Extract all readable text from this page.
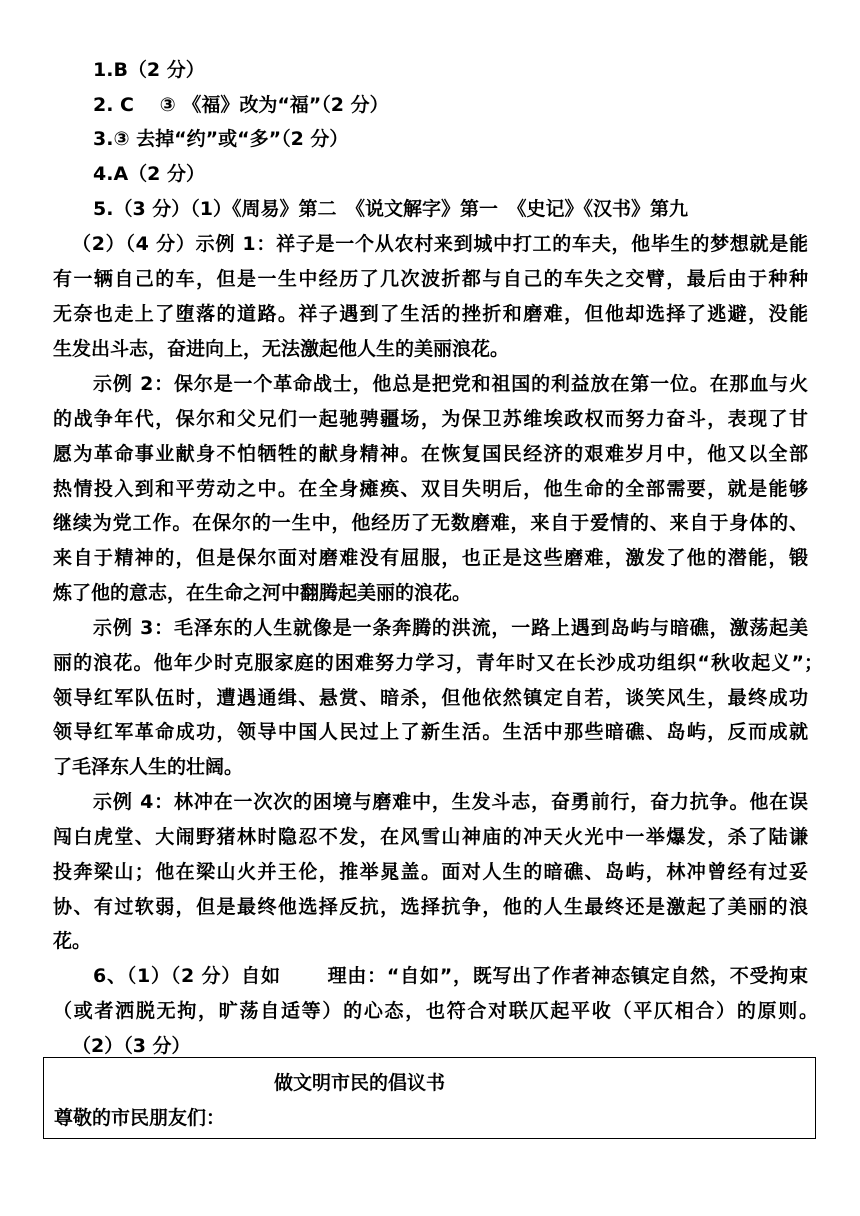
1.B（2 分）
2. C　 ③ 《福》改为“福”（2 分）
3.③ 去掉“约”或“多”（2 分）
4.A（2 分）
5.（3 分）（1）《周易》第二　《说文解字》第一　《史记》《汉书》第九
（2）（4 分）示例 1：祥子是一个从农村来到城中打工的车夫，他毕生的梦想就是能
有一辆自己的车，但是一生中经历了几次波折都与自己的车失之交臂，最后由于种种
无奈也走上了堕落的道路。祥子遇到了生活的挫折和磨难，但他却选择了逃避，没能
生发出斗志，奋进向上，无法激起他人生的美丽浪花。
示例 2：保尔是一个革命战士，他总是把党和祖国的利益放在第一位。在那血与火
的战争年代，保尔和父兄们一起驰骋疆场，为保卫苏维埃政权而努力奋斗，表现了甘
愿为革命事业献身不怕牺牲的献身精神。在恢复国民经济的艰难岁月中，他又以全部
热情投入到和平劳动之中。在全身瘫痪、双目失明后，他生命的全部需要，就是能够
继续为党工作。在保尔的一生中，他经历了无数磨难，来自于爱情的、来自于身体的、
来自于精神的，但是保尔面对磨难没有屈服，也正是这些磨难，激发了他的潜能，锻
炼了他的意志，在生命之河中翻腾起美丽的浪花。
示例 3：毛泽东的人生就像是一条奔腾的洪流，一路上遇到岛屿与暗礁，激荡起美
丽的浪花。他年少时克服家庭的困难努力学习，青年时又在长沙成功组织“秋收起义”；
领导红军队伍时，遭遇通缉、悬赏、暗杀，但他依然镇定自若，谈笑风生，最终成功
领导红军革命成功，领导中国人民过上了新生活。生活中那些暗礁、岛屿，反而成就
了毛泽东人生的壮阔。
示例 4：林冲在一次次的困境与磨难中，生发斗志，奋勇前行，奋力抗争。他在误
闯白虎堂、大闹野猪林时隐忍不发，在风雪山神庙的冲天火光中一举爆发，杀了陆谦
投奔梁山；他在梁山火并王伦，推举晁盖。面对人生的暗礁、岛屿，林冲曾经有过妥
协、有过软弱，但是最终他选择反抗，选择抗争，他的人生最终还是激起了美丽的浪
花。
6、（1）（2 分）自如　　 理由：“自如”，既写出了作者神态镇定自然，不受拘束
（或者洒脱无拘，旷荡自适等）的心态，也符合对联仄起平收（平仄相合）的原则。
（2）（3 分）
做文明市民的倡议书
尊敬的市民朋友们：
